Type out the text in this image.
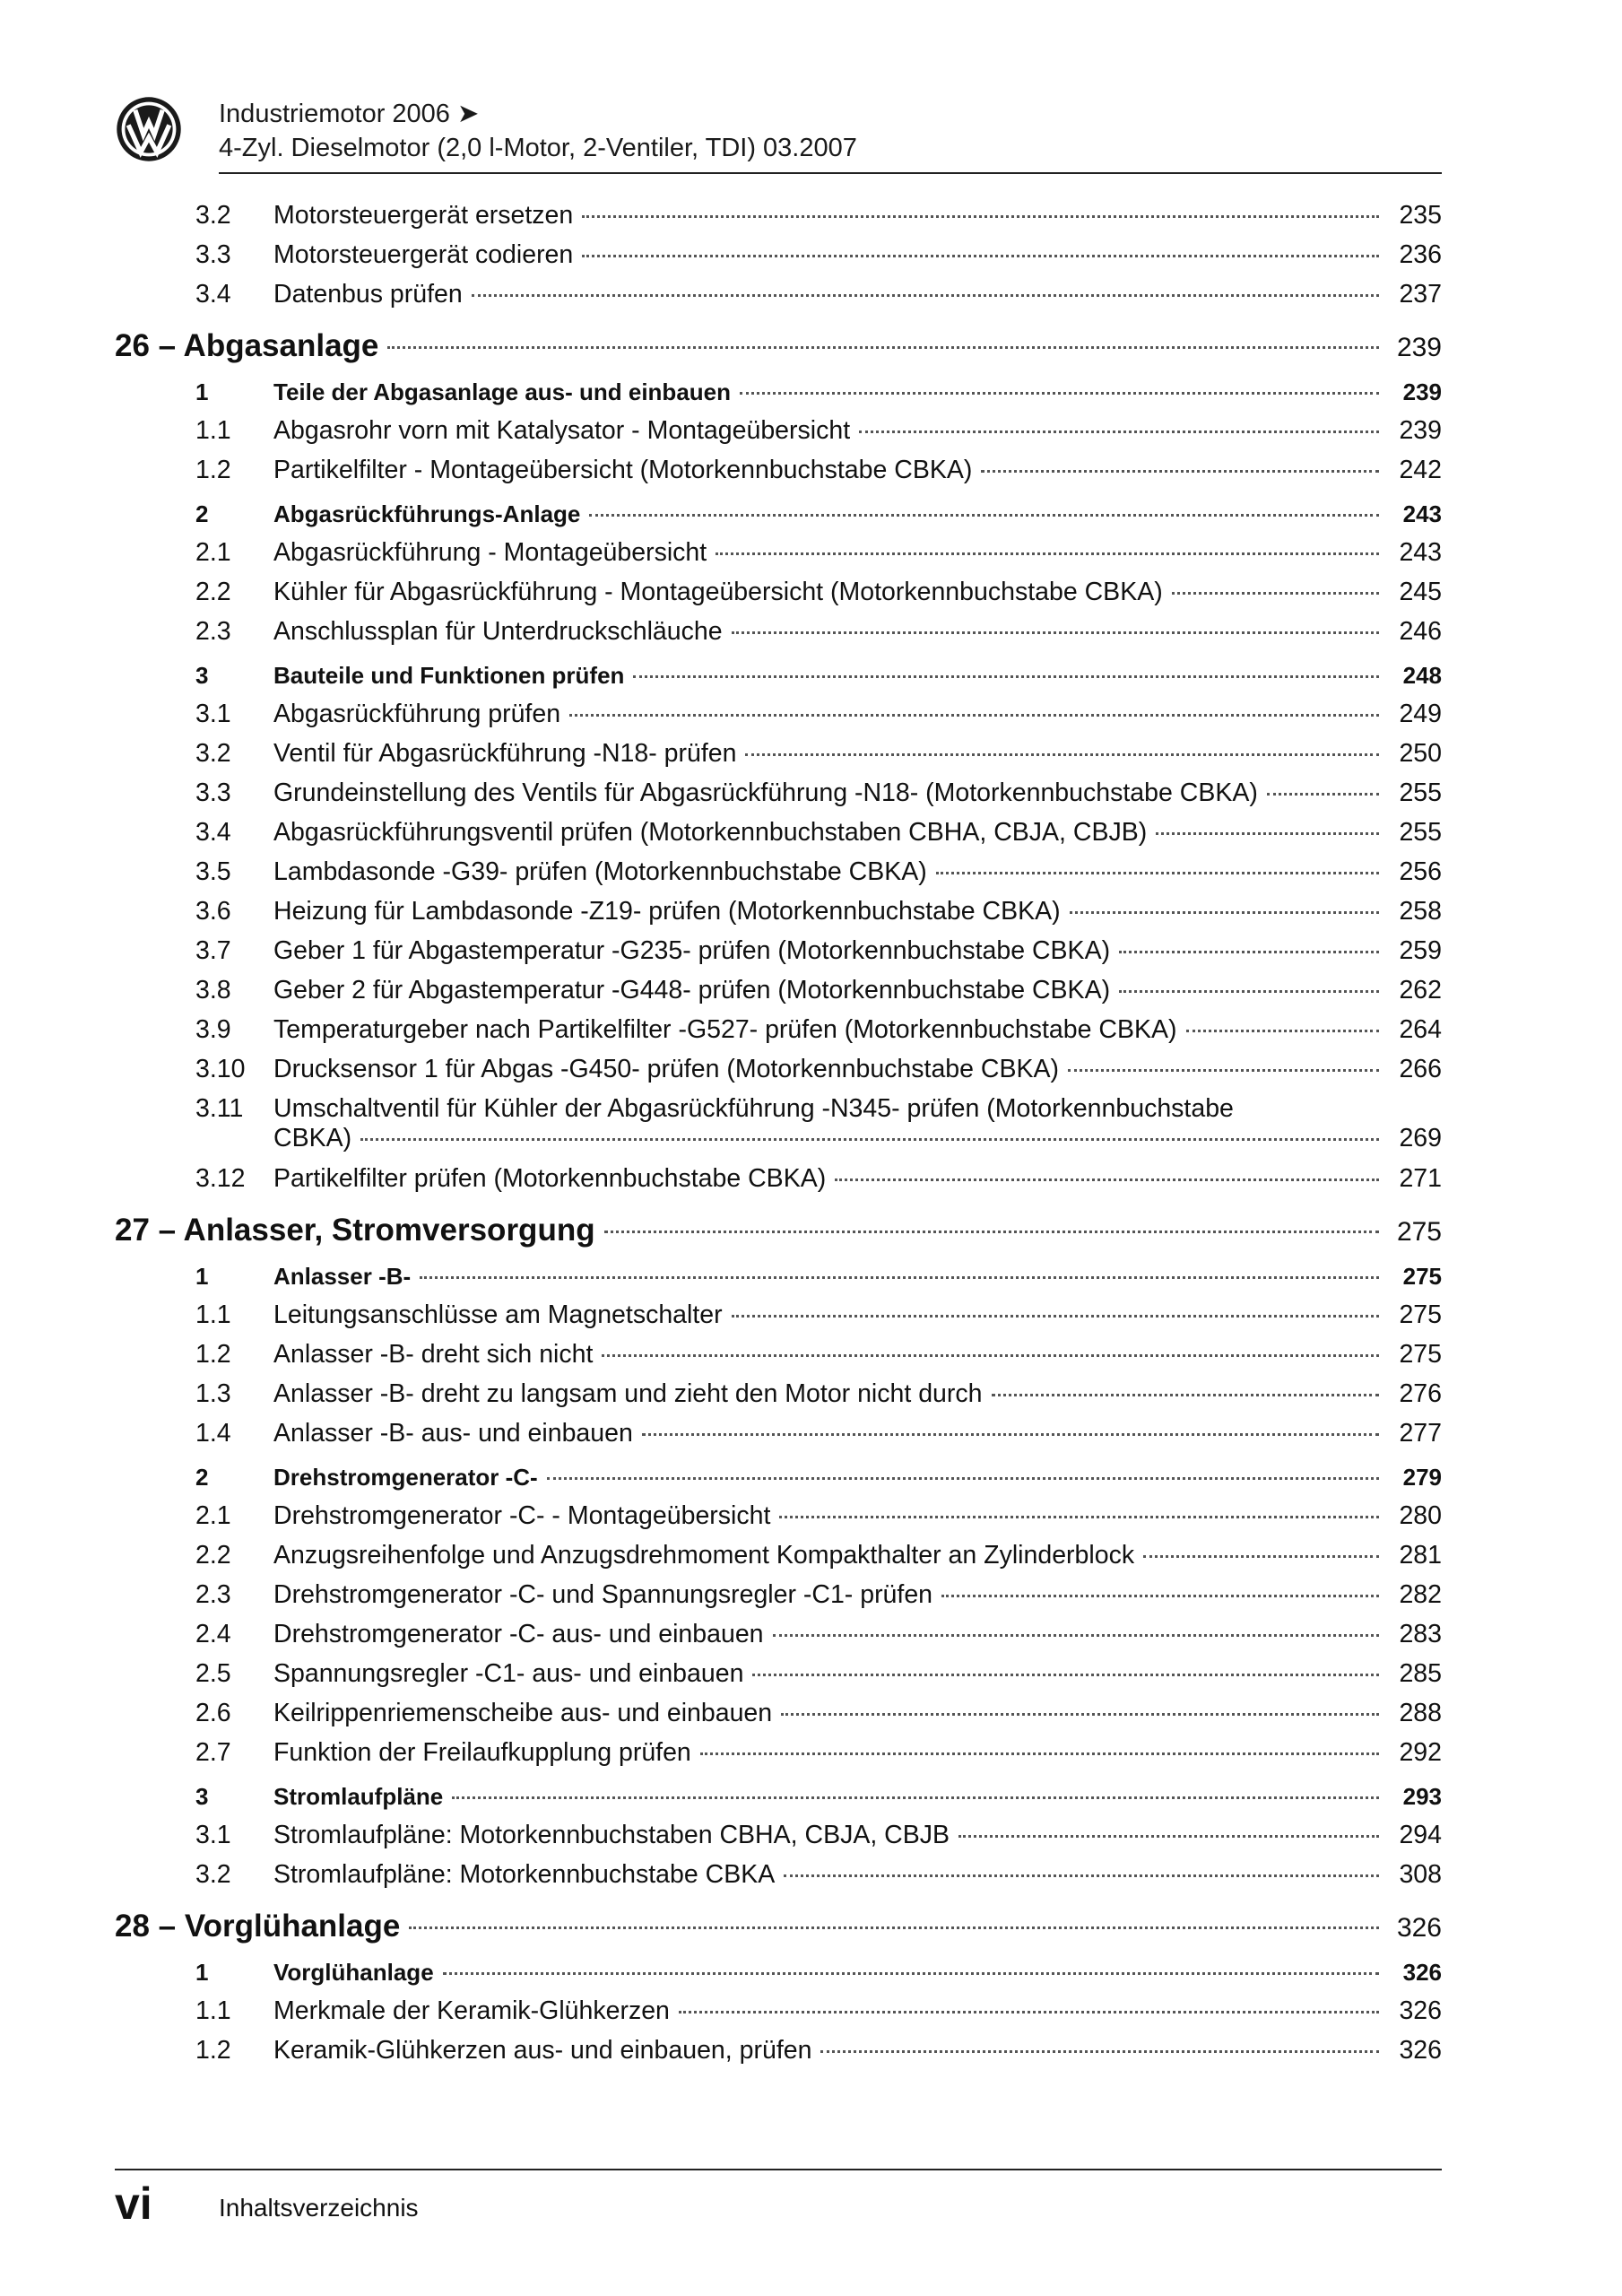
Industriemotor 2006 ➤
4-Zyl. Dieselmotor (2,0 l-Motor, 2-Ventiler, TDI) 03.2007
3.2	Motorsteuergerät ersetzen	235
3.3	Motorsteuergerät codieren	236
3.4	Datenbus prüfen	237
26 – Abgasanlage	239
1	Teile der Abgasanlage aus- und einbauen	239
1.1	Abgasrohr vorn mit Katalysator - Montageübersicht	239
1.2	Partikelfilter - Montageübersicht (Motorkennbuchstabe CBKA)	242
2	Abgasrückführungs-Anlage	243
2.1	Abgasrückführung - Montageübersicht	243
2.2	Kühler für Abgasrückführung - Montageübersicht (Motorkennbuchstabe CBKA)	245
2.3	Anschlussplan für Unterdruckschläuche	246
3	Bauteile und Funktionen prüfen	248
3.1	Abgasrückführung prüfen	249
3.2	Ventil für Abgasrückführung -N18- prüfen	250
3.3	Grundeinstellung des Ventils für Abgasrückführung -N18- (Motorkennbuchstabe CBKA)	255
3.4	Abgasrückführungsventil prüfen (Motorkennbuchstaben CBHA, CBJA, CBJB)	255
3.5	Lambdasonde -G39- prüfen (Motorkennbuchstabe CBKA)	256
3.6	Heizung für Lambdasonde -Z19- prüfen (Motorkennbuchstabe CBKA)	258
3.7	Geber 1 für Abgastemperatur -G235- prüfen (Motorkennbuchstabe CBKA)	259
3.8	Geber 2 für Abgastemperatur -G448- prüfen (Motorkennbuchstabe CBKA)	262
3.9	Temperaturgeber nach Partikelfilter -G527- prüfen (Motorkennbuchstabe CBKA)	264
3.10	Drucksensor 1 für Abgas -G450- prüfen (Motorkennbuchstabe CBKA)	266
3.11	Umschaltventil für Kühler der Abgasrückführung -N345- prüfen (Motorkennbuchstabe
CBKA)	269
3.12	Partikelfilter prüfen (Motorkennbuchstabe CBKA)	271
27 – Anlasser, Stromversorgung	275
1	Anlasser -B-	275
1.1	Leitungsanschlüsse am Magnetschalter	275
1.2	Anlasser -B- dreht sich nicht	275
1.3	Anlasser -B- dreht zu langsam und zieht den Motor nicht durch	276
1.4	Anlasser -B- aus- und einbauen	277
2	Drehstromgenerator -C-	279
2.1	Drehstromgenerator -C- - Montageübersicht	280
2.2	Anzugsreihenfolge und Anzugsdrehmoment Kompakthalter an Zylinderblock	281
2.3	Drehstromgenerator -C- und Spannungsregler -C1- prüfen	282
2.4	Drehstromgenerator -C- aus- und einbauen	283
2.5	Spannungsregler -C1- aus- und einbauen	285
2.6	Keilrippenriemenscheibe aus- und einbauen	288
2.7	Funktion der Freilaufkupplung prüfen	292
3	Stromlaufpläne	293
3.1	Stromlaufpläne: Motorkennbuchstaben CBHA, CBJA, CBJB	294
3.2	Stromlaufpläne: Motorkennbuchstabe CBKA	308
28 – Vorglühanlage	326
1	Vorglühanlage	326
1.1	Merkmale der Keramik-Glühkerzen	326
1.2	Keramik-Glühkerzen aus- und einbauen, prüfen	326
vi	Inhaltsverzeichnis
